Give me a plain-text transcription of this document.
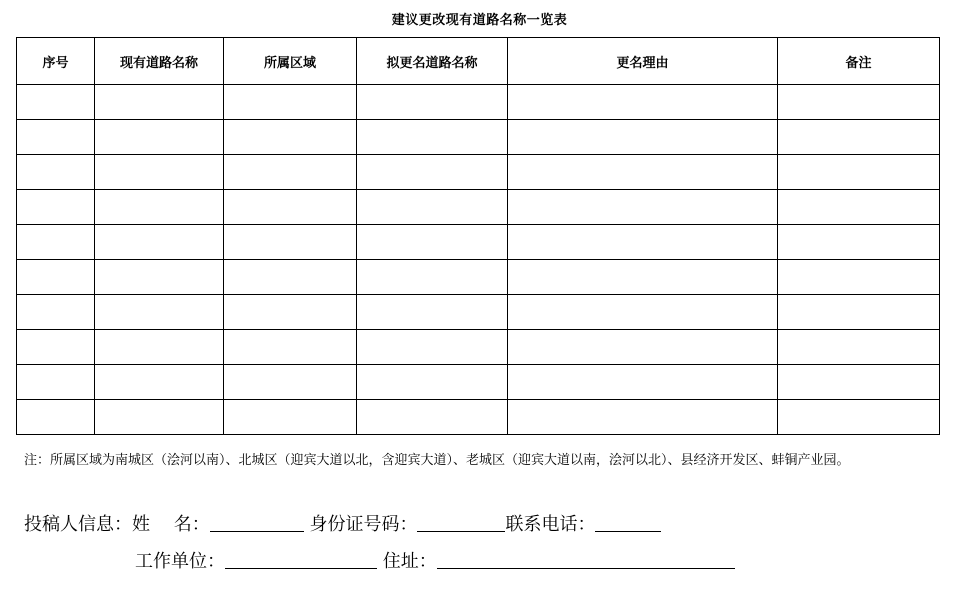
建议更改现有道路名称一览表
序号	现有道路名称	所属区域	拟更名道路名称	更名理由	备注

注：所属区域为南城区（浍河以南）、北城区（迎宾大道以北，含迎宾大道）、老城区（迎宾大道以南，浍河以北）、县经济开发区、蚌铜产业园。
投稿人信息：姓　 名：	身份证号码：	联系电话：
工作单位：	住址：
